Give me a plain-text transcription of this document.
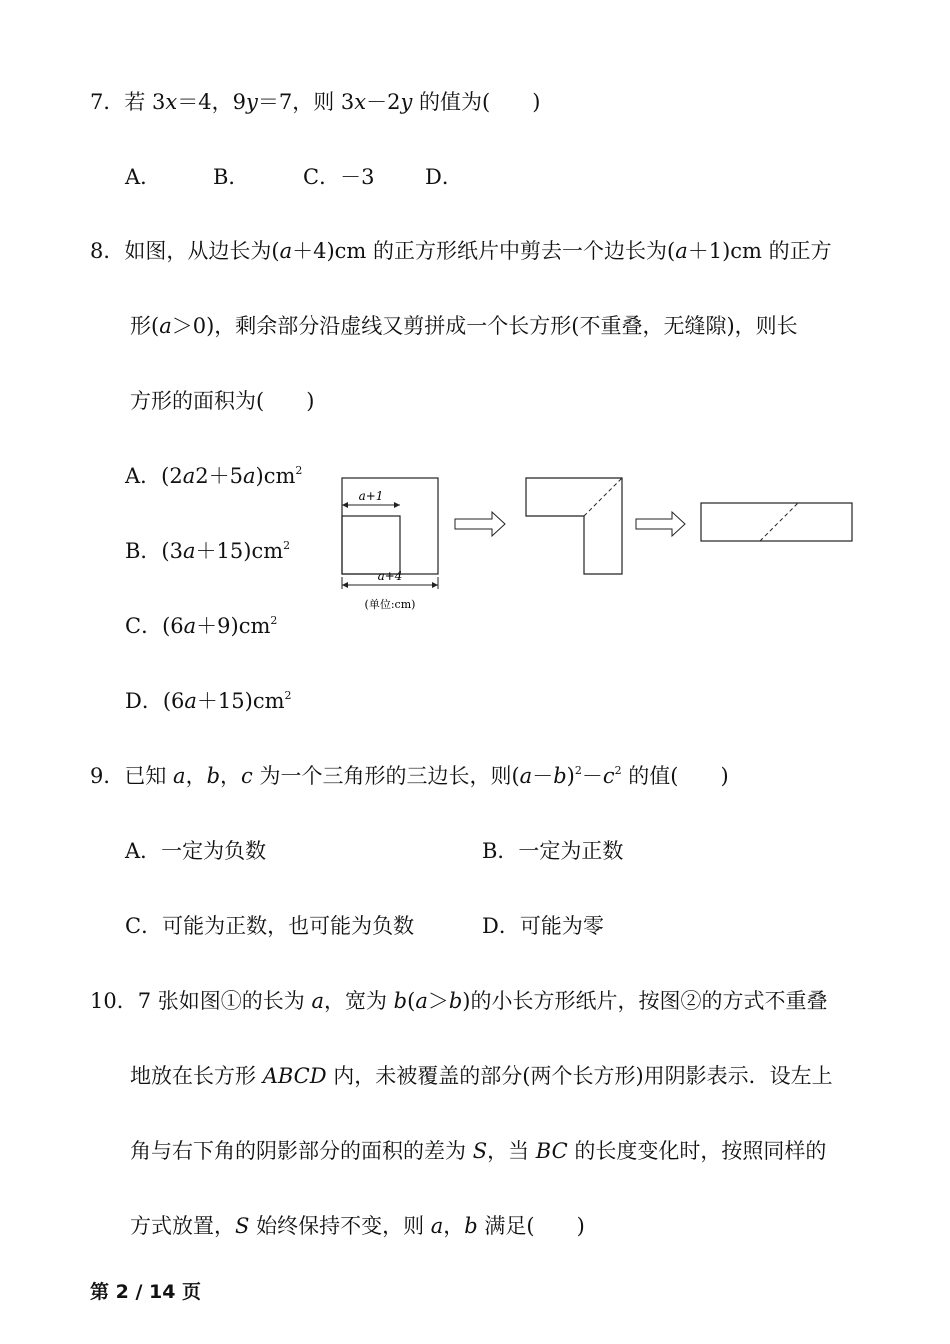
7．若 3x＝4，9y＝7，则 3x－2y 的值为(　　)
A． B．	C．－3 D．
8．如图，从边长为(a＋4)cm 的正方形纸片中剪去一个边长为(a＋1)cm 的正方
形(a＞0)，剩余部分沿虚线又剪拼成一个长方形(不重叠，无缝隙)，则长
方形的面积为(　　)
A．$(2a2+5a)cm^2$
B．$(3a+15)cm^2$
C．$(6a+9)cm^2$
D．$(6a+15)cm^2$
a+1
a+4
(单位:cm)
9．已知 a，b，c 为一个三角形的三边长，则$(a-b)^2-c^2$ 的值(　　)
A．一定为负数	B．一定为正数
C．可能为正数，也可能为负数	D．可能为零
10．7 张如图①的长为 a，宽为 b(a＞b)的小长方形纸片，按图②的方式不重叠
地放在长方形 ABCD 内，未被覆盖的部分(两个长方形)用阴影表示．设左上
角与右下角的阴影部分的面积的差为 S，当 BC 的长度变化时，按照同样的
方式放置，S 始终保持不变，则 a，b 满足(　　)
第 2 / 14 页
